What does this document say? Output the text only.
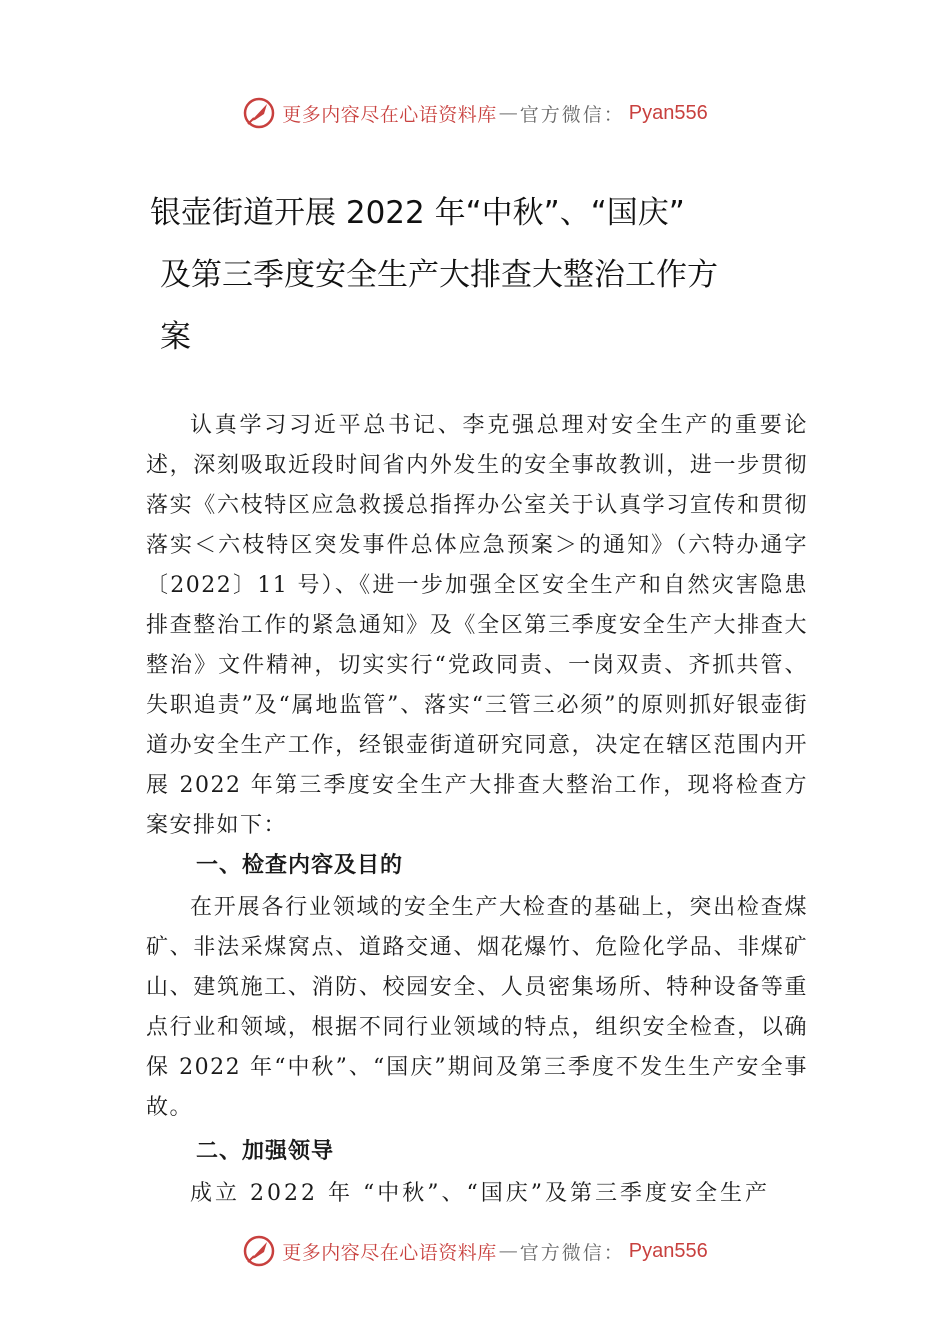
更多内容尽在心语资料库 — 官方微信： Pyan556
银壶街道开展 2022 年“中秋”、“国庆”

及第三季度安全生产大排查大整治工作方
案

认真学习习近平总书记、李克强总理对安全生产的重要论述，深刻吸取近段时间省内外发生的安全事故教训，进一步贯彻落实《六枝特区应急救援总指挥办公室关于认真学习宣传和贯彻落实＜六枝特区突发事件总体应急预案＞的通知》（六特办通字〔2022〕11 号）、《进一步加强全区安全生产和自然灾害隐患排查整治工作的紧急通知》及《全区第三季度安全生产大排查大整治》文件精神，切实实行“党政同责、一岗双责、齐抓共管、失职追责”及“属地监管”、落实“三管三必须”的原则抓好银壶街道办安全生产工作，经银壶街道研究同意，决定在辖区范围内开展 2022 年第三季度安全生产大排查大整治工作，现将检查方案安排如下：

一、检查内容及目的

在开展各行业领域的安全生产大检查的基础上，突出检查煤矿、非法采煤窝点、道路交通、烟花爆竹、危险化学品、非煤矿山、建筑施工、消防、校园安全、人员密集场所、特种设备等重点行业和领域，根据不同行业领域的特点，组织安全检查，以确保 2022 年“中秋”、“国庆”期间及第三季度不发生生产安全事故。

二、加强领导

成立 2022 年 “中秋”、“国庆”及第三季度安全生产

更多内容尽在心语资料库 — 官方微信： Pyan556
